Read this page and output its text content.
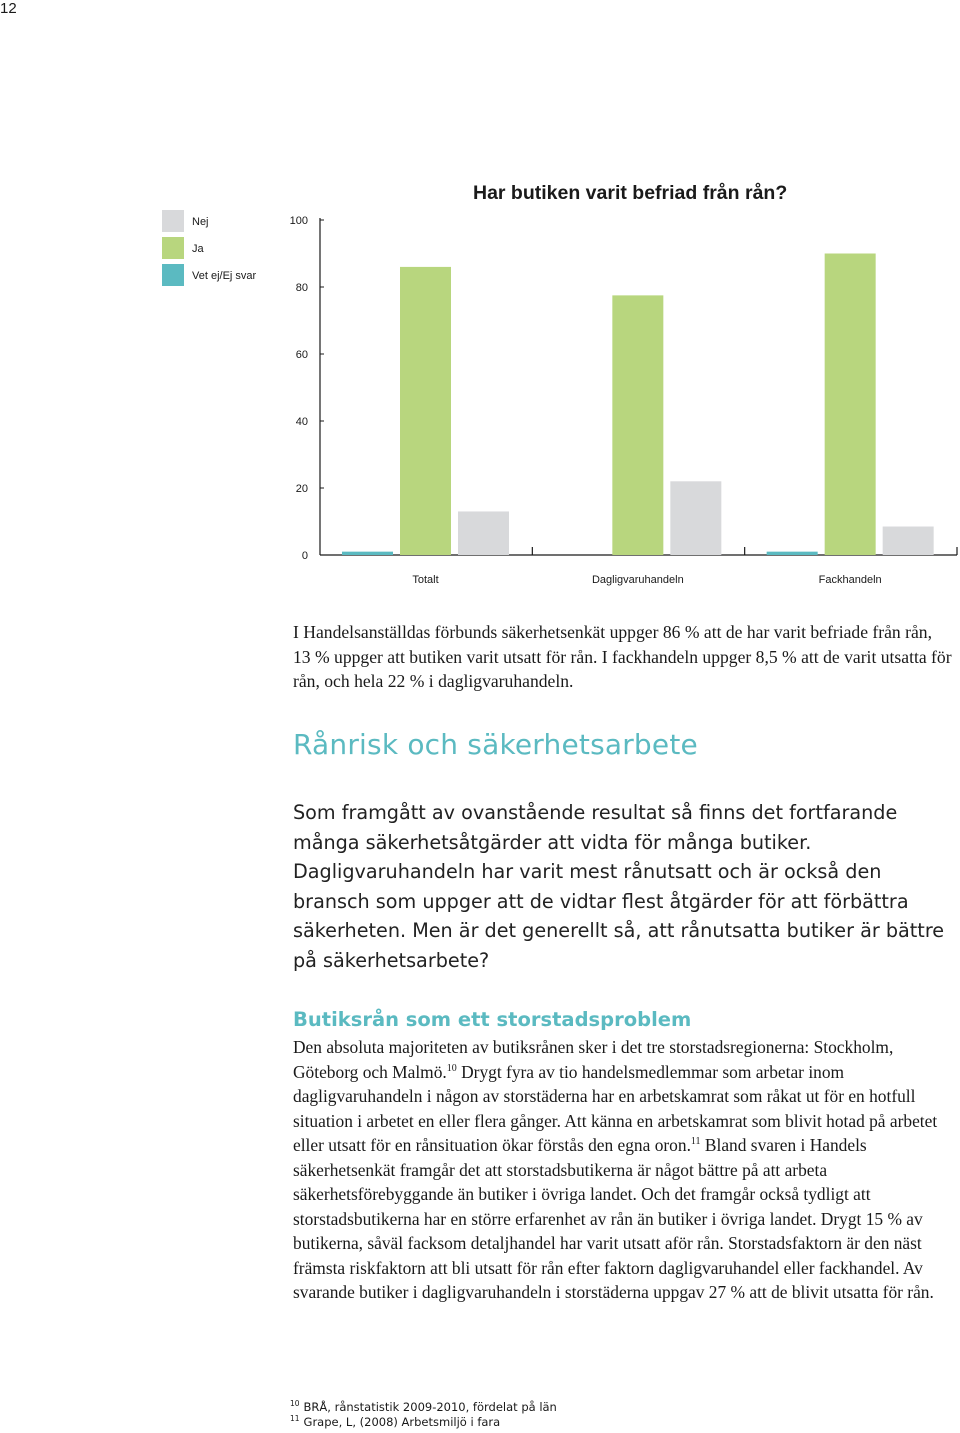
12
Har butiken varit befriad från rån?
Nej
Ja
Vet ej/Ej svar
0
20
40
60
80
100
Totalt	Dagligvaruhandeln	Fackhandeln

I Handelsanställdas förbunds säkerhetsenkät uppger 86 % att de har varit befriade från rån, 13 % uppger att butiken varit utsatt för rån. I fackhandeln uppger 8,5 % att de varit utsatta för rån, och hela 22 % i dagligvaruhandeln.

Rånrisk och säkerhetsarbete

Som framgått av ovanstående resultat så finns det fortfarande många säkerhetsåtgärder att vidta för många butiker. Dagligvaruhandeln har varit mest rånutsatt och är också den bransch som uppger att de vidtar flest åtgärder för att förbättra säkerheten. Men är det generellt så, att rånutsatta butiker är bättre på säkerhetsarbete?

Butiksrån som ett storstadsproblem

Den absoluta majoriteten av butiksrånen sker i det tre storstadsregionerna: Stockholm, Göteborg och Malmö.$^{10}$ Drygt fyra av tio handelsmedlemmar som arbetar inom dagligvaruhandeln i någon av storstäderna har en arbetskamrat som råkat ut för en hotfull situation i arbetet en eller flera gånger. Att känna en arbetskamrat som blivit hotad på arbetet eller utsatt för en rånsituation ökar förstås den egna oron.$^{11}$ Bland svaren i Handels säkerhetsenkät framgår det att storstadsbutikerna är något bättre på att arbeta säkerhetsförebyggande än butiker i övriga landet. Och det framgår också tydligt att storstadsbutikerna har en större erfarenhet av rån än butiker i övriga landet. Drygt 15 % av butikerna, såväl facksom detaljhandel har varit utsatt aför rån. Storstadsfaktorn är den näst främsta riskfaktorn att bli utsatt för rån efter faktorn dagligvaruhandel eller fackhandel. Av svarande butiker i dagligvaruhandeln i storstäderna uppgav 27 % att de blivit utsatta för rån.

$^{10}$ BRÅ, rånstatistik 2009-2010, fördelat på län
$^{11}$ Grape, L, (2008) Arbetsmiljö i fara
